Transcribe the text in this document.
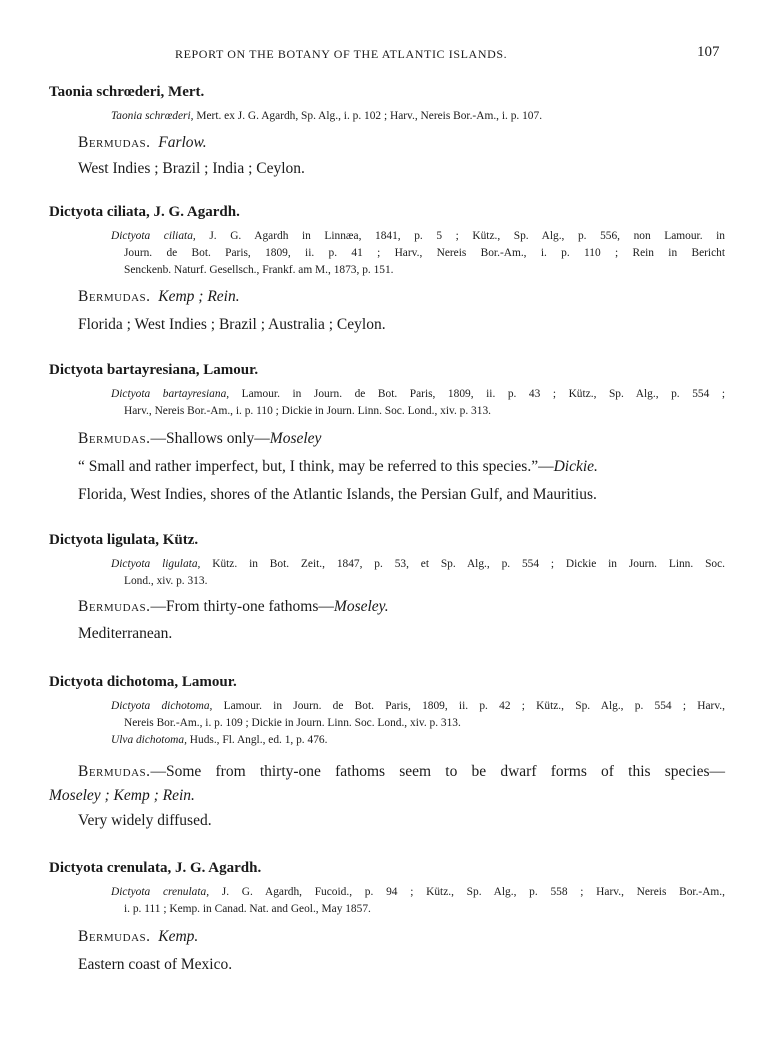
REPORT ON THE BOTANY OF THE ATLANTIC ISLANDS.	107
Taonia schrœderi, Mert.
Taonia schrœderi, Mert. ex J. G. Agardh, Sp. Alg., i. p. 102 ; Harv., Nereis Bor.-Am., i. p. 107.
Bermudas. Farlow.
West Indies ; Brazil ; India ; Ceylon.
Dictyota ciliata, J. G. Agardh.
Dictyota ciliata, J. G. Agardh in Linnæa, 1841, p. 5 ; Kütz., Sp. Alg., p. 556, non Lamour. in
Journ. de Bot. Paris, 1809, ii. p. 41 ; Harv., Nereis Bor.-Am., i. p. 110 ; Rein in Bericht
Senckenb. Naturf. Gesellsch., Frankf. am M., 1873, p. 151.
Bermudas. Kemp ; Rein.
Florida ; West Indies ; Brazil ; Australia ; Ceylon.
Dictyota bartayresiana, Lamour.
Dictyota bartayresiana, Lamour. in Journ. de Bot. Paris, 1809, ii. p. 43 ; Kütz., Sp. Alg., p. 554 ;
Harv., Nereis Bor.-Am., i. p. 110 ; Dickie in Journ. Linn. Soc. Lond., xiv. p. 313.
Bermudas.—Shallows only—Moseley
“ Small and rather imperfect, but, I think, may be referred to this species.”—Dickie.
Florida, West Indies, shores of the Atlantic Islands, the Persian Gulf, and Mauritius.
Dictyota ligulata, Kütz.
Dictyota ligulata, Kütz. in Bot. Zeit., 1847, p. 53, et Sp. Alg., p. 554 ; Dickie in Journ. Linn. Soc.
Lond., xiv. p. 313.
Bermudas.—From thirty-one fathoms—Moseley.
Mediterranean.
Dictyota dichotoma, Lamour.
Dictyota dichotoma, Lamour. in Journ. de Bot. Paris, 1809, ii. p. 42 ; Kütz., Sp. Alg., p. 554 ; Harv.,
Nereis Bor.-Am., i. p. 109 ; Dickie in Journ. Linn. Soc. Lond., xiv. p. 313.
Ulva dichotoma, Huds., Fl. Angl., ed. 1, p. 476.
Bermudas.—Some from thirty-one fathoms seem to be dwarf forms of this species—
Moseley ; Kemp ; Rein.
Very widely diffused.
Dictyota crenulata, J. G. Agardh.
Dictyota crenulata, J. G. Agardh, Fucoid., p. 94 ; Kütz., Sp. Alg., p. 558 ; Harv., Nereis Bor.-Am.,
i. p. 111 ; Kemp. in Canad. Nat. and Geol., May 1857.
Bermudas. Kemp.
Eastern coast of Mexico.
